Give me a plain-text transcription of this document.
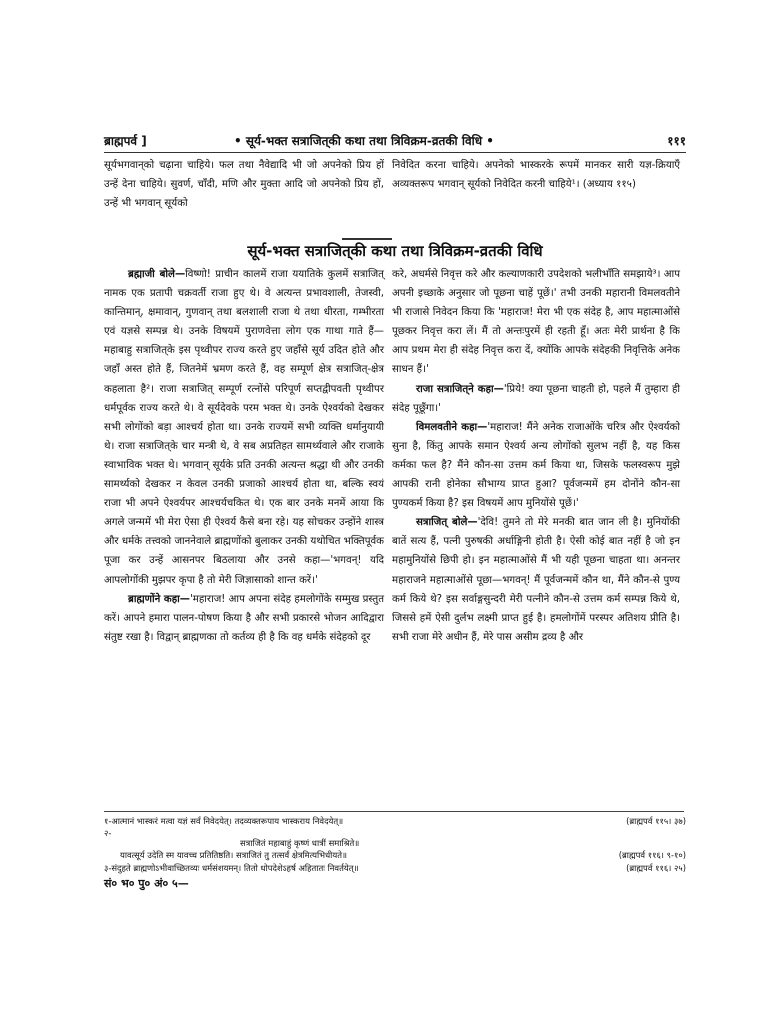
ब्राह्मपर्व ]	• सूर्य-भक्त सत्राजित्‌की कथा तथा त्रिविक्रम-व्रतकी विधि •	१११

सूर्यभगवान्‌को चढ़ाना चाहिये। फल तथा नैवेद्यादि भी जो अपनेको प्रिय हों उन्हें देना चाहिये। सुवर्ण, चाँदी, मणि और मुक्ता आदि जो अपनेको प्रिय हों, उन्हें भी भगवान् सूर्यको

निवेदित करना चाहिये। अपनेको भास्करके रूपमें मानकर सारी यज्ञ-क्रियाएँ अव्यक्तरूप भगवान् सूर्यको निवेदित करनी चाहिये¹। (अध्याय ११५)

सूर्य-भक्त सत्राजित्‌की कथा तथा त्रिविक्रम-व्रतकी विधि

ब्रह्माजी बोले—विष्णो! प्राचीन कालमें राजा ययातिके कुलमें सत्राजित् नामक एक प्रतापी चक्रवर्ती राजा हुए थे। वे अत्यन्त प्रभावशाली, तेजस्वी, कान्तिमान्, क्षमावान्, गुणवान् तथा बलशाली राजा थे तथा धीरता, गम्भीरता एवं यज्ञसे सम्पन्न थे। उनके विषयमें पुराणवेत्ता लोग एक गाथा गाते हैं— महाबाहु सत्राजित्‌के इस पृथ्वीपर राज्य करते हुए जहाँसे सूर्य उदित होते और जहाँ अस्त होते हैं, जितनेमें भ्रमण करते हैं, वह सम्पूर्ण क्षेत्र सत्राजित्-क्षेत्र कहलाता है²। राजा सत्राजित् सम्पूर्ण रत्नोंसे परिपूर्ण सप्तद्वीपवती पृथ्वीपर धर्मपूर्वक राज्य करते थे। वे सूर्यदेवके परम भक्त थे। उनके ऐश्वर्यको देखकर सभी लोगोंको बड़ा आश्चर्य होता था। उनके राज्यमें सभी व्यक्ति धर्मानुयायी थे। राजा सत्राजित्‌के चार मन्त्री थे, वे सब अप्रतिहत सामर्थ्यवाले और राजाके स्वाभाविक भक्त थे। भगवान् सूर्यके प्रति उनकी अत्यन्त श्रद्धा थी और उनकी सामर्थ्यको देखकर न केवल उनकी प्रजाको आश्चर्य होता था, बल्कि स्वयं राजा भी अपने ऐश्वर्यपर आश्चर्यचकित थे। एक बार उनके मनमें आया कि अगले जन्ममें भी मेरा ऐसा ही ऐश्वर्य कैसे बना रहे। यह सोचकर उन्होंने शास्त्र और धर्मके तत्त्वको जाननेवाले ब्राह्मणोंको बुलाकर उनकी यथोचित भक्तिपूर्वक पूजा कर उन्हें आसनपर बिठलाया और उनसे कहा—'भगवन्! यदि आपलोगोंकी मुझपर कृपा है तो मेरी जिज्ञासाको शान्त करें।'

ब्राह्मणोंने कहा—'महाराज! आप अपना संदेह हमलोगोंके सम्मुख प्रस्तुत करें। आपने हमारा पालन-पोषण किया है और सभी प्रकारसे भोजन आदिद्वारा संतुष्ट रखा है। विद्वान् ब्राह्मणका तो कर्तव्य ही है कि वह धर्मके संदेहको दूर

करे, अधर्मसे निवृत्त करे और कल्याणकारी उपदेशको भलीभाँति समझाये³। आप अपनी इच्छाके अनुसार जो पूछना चाहें पूछें।' तभी उनकी महारानी विमलवतीने भी राजासे निवेदन किया कि 'महाराज! मेरा भी एक संदेह है, आप महात्माओंसे पूछकर निवृत्त करा लें। मैं तो अन्तःपुरमें ही रहती हूँ। अतः मेरी प्रार्थना है कि आप प्रथम मेरा ही संदेह निवृत्त करा दें, क्योंकि आपके संदेहकी निवृत्तिके अनेक साधन हैं।'

राजा सत्राजित्‌ने कहा—'प्रिये! क्या पूछना चाहती हो, पहले मैं तुम्हारा ही संदेह पूछूँगा।'

विमलवतीने कहा—'महाराज! मैंने अनेक राजाओंके चरित्र और ऐश्वर्यको सुना है, किंतु आपके समान ऐश्वर्य अन्य लोगोंको सुलभ नहीं है, यह किस कर्मका फल है? मैंने कौन-सा उत्तम कर्म किया था, जिसके फलस्वरूप मुझे आपकी रानी होनेका सौभाग्य प्राप्त हुआ? पूर्वजन्ममें हम दोनोंने कौन-सा पुण्यकर्म किया है? इस विषयमें आप मुनियोंसे पूछें।'

सत्राजित् बोले—'देवि! तुमने तो मेरे मनकी बात जान ली है। मुनियोंकी बातें सत्य हैं, पत्नी पुरुषकी अर्धाङ्गिनी होती है। ऐसी कोई बात नहीं है जो इन महामुनियोंसे छिपी हो। इन महात्माओंसे मैं भी यही पूछना चाहता था। अनन्तर महाराजने महात्माओंसे पूछा—भगवन्! मैं पूर्वजन्ममें कौन था, मैंने कौन-से पुण्य कर्म किये थे? इस सर्वाङ्गसुन्दरी मेरी पत्नीने कौन-से उत्तम कर्म सम्पन्न किये थे, जिससे हमें ऐसी दुर्लभ लक्ष्मी प्राप्त हुई है। हमलोगोंमें परस्पर अतिशय प्रीति है। सभी राजा मेरे अधीन हैं, मेरे पास असीम द्रव्य है और

१-आत्मानं भास्करं मत्वा यज्ञं सर्वं निवेदयेत्। तदव्यक्तरूपाय भास्कराय निवेदयेत्॥	(ब्राह्मपर्व ११५। ३७)
२-
सत्राजितं महाबाहुं कृष्णं धात्रीं समाश्रिते॥
यावत्सूर्य उदेति स्म यावच्च प्रतितिष्ठति। सत्राजितं तु तत्सर्वं क्षेत्रमित्यभिधीयते॥	(ब्राह्मपर्व ११६। ९-१०)
३-संदुहते ब्राह्मणोऽभीवाच्छितव्यः धर्मसंशयमन्। तितो धोपदेशेऽहर्ष अहितातः निवर्तयेत्॥	(ब्राह्मपर्व ११६। २५)
सं० भ० पु० अं० ५—
